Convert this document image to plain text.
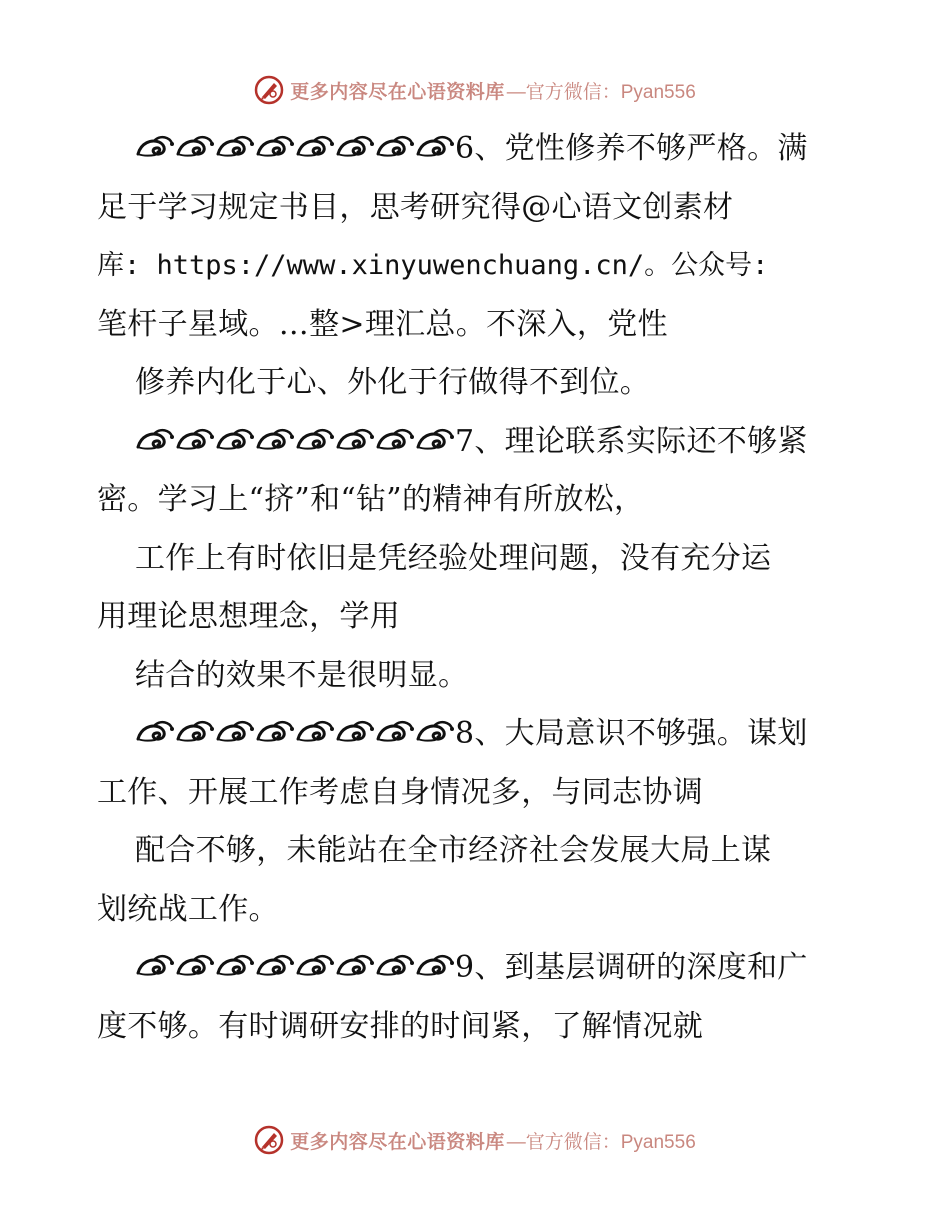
更多内容尽在心语资料库 —官方微信：Pyan556
6、党性修养不够严格。满
足于学习规定书目，思考研究得@心语文创素材
库: https://www.xinyuwenchuang.cn/。公众号:
笔杆子星域。…整>理汇总。不深入，党性
修养内化于心、外化于行做得不到位。
7、理论联系实际还不够紧
密。学习上“挤”和“钻”的精神有所放松，
工作上有时依旧是凭经验处理问题，没有充分运
用理论思想理念，学用
结合的效果不是很明显。
8、大局意识不够强。谋划
工作、开展工作考虑自身情况多，与同志协调
配合不够，未能站在全市经济社会发展大局上谋
划统战工作。
9、到基层调研的深度和广
度不够。有时调研安排的时间紧，了解情况就
更多内容尽在心语资料库 —官方微信：Pyan556
